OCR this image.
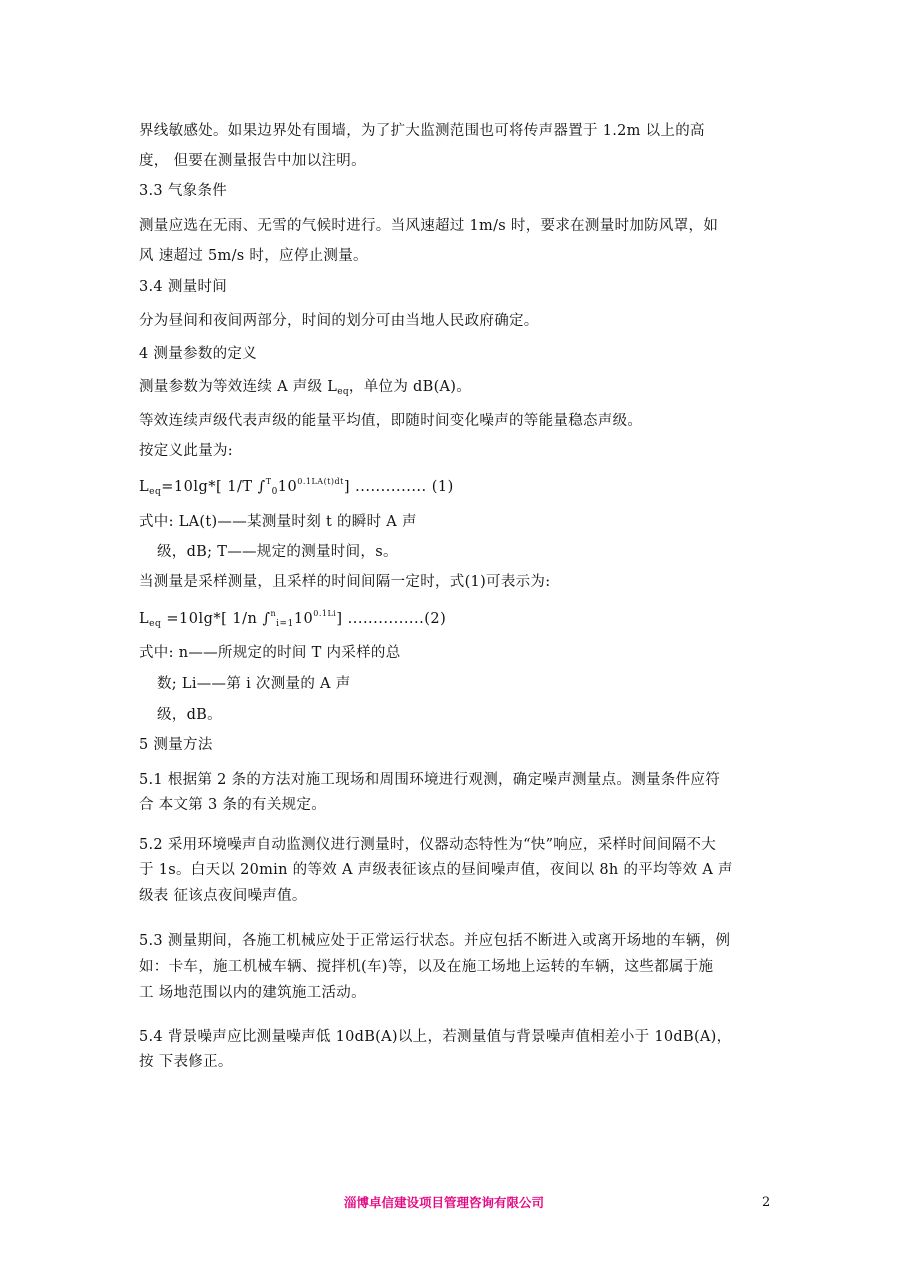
界线敏感处。如果边界处有围墙，为了扩大监测范围也可将传声器置于 1.2m 以上的高
度， 但要在测量报告中加以注明。
3.3 气象条件
测量应选在无雨、无雪的气候时进行。当风速超过 1m/s 时，要求在测量时加防风罩，如
风 速超过 5m/s 时，应停止测量。
3.4 测量时间
分为昼间和夜间两部分，时间的划分可由当地人民政府确定。
4 测量参数的定义
测量参数为等效连续 A 声级 $L_{eq}$，单位为 dB(A)。
等效连续声级代表声级的能量平均值，即随时间变化噪声的等能量稳态声级。
按定义此量为:
$L_{eq}=10\lg*$[ 1/T $\int^T_010^{0.1LA(t)dt}$] .............. (1)
式中: LA(t)——某测量时刻 t 的瞬时 A 声
级，dB; T——规定的测量时间，s。
当测量是采样测量，且采样的时间间隔一定时，式(1)可表示为:
$L_{eq} =10\lg*$[ 1/n $\int^n_{i=1}10^{0.1Li}$] ...............(2)
式中: n——所规定的时间 T 内采样的总
数; Li——第 i 次测量的 A 声
级，dB。
5 测量方法
5.1 根据第 2 条的方法对施工现场和周围环境进行观测，确定噪声测量点。测量条件应符
合 本文第 3 条的有关规定。
5.2 采用环境噪声自动监测仪进行测量时，仪器动态特性为“快”响应，采样时间间隔不大
于 1s。白天以 20min 的等效 A 声级表征该点的昼间噪声值，夜间以 8h 的平均等效 A 声
级表 征该点夜间噪声值。
5.3 测量期间，各施工机械应处于正常运行状态。并应包括不断进入或离开场地的车辆，例
如：卡车，施工机械车辆、搅拌机(车)等，以及在施工场地上运转的车辆，这些都属于施
工 场地范围以内的建筑施工活动。
5.4 背景噪声应比测量噪声低 10dB(A)以上，若测量值与背景噪声值相差小于 10dB(A)，
按 下表修正。
淄博卓信建设项目管理咨询有限公司	2
